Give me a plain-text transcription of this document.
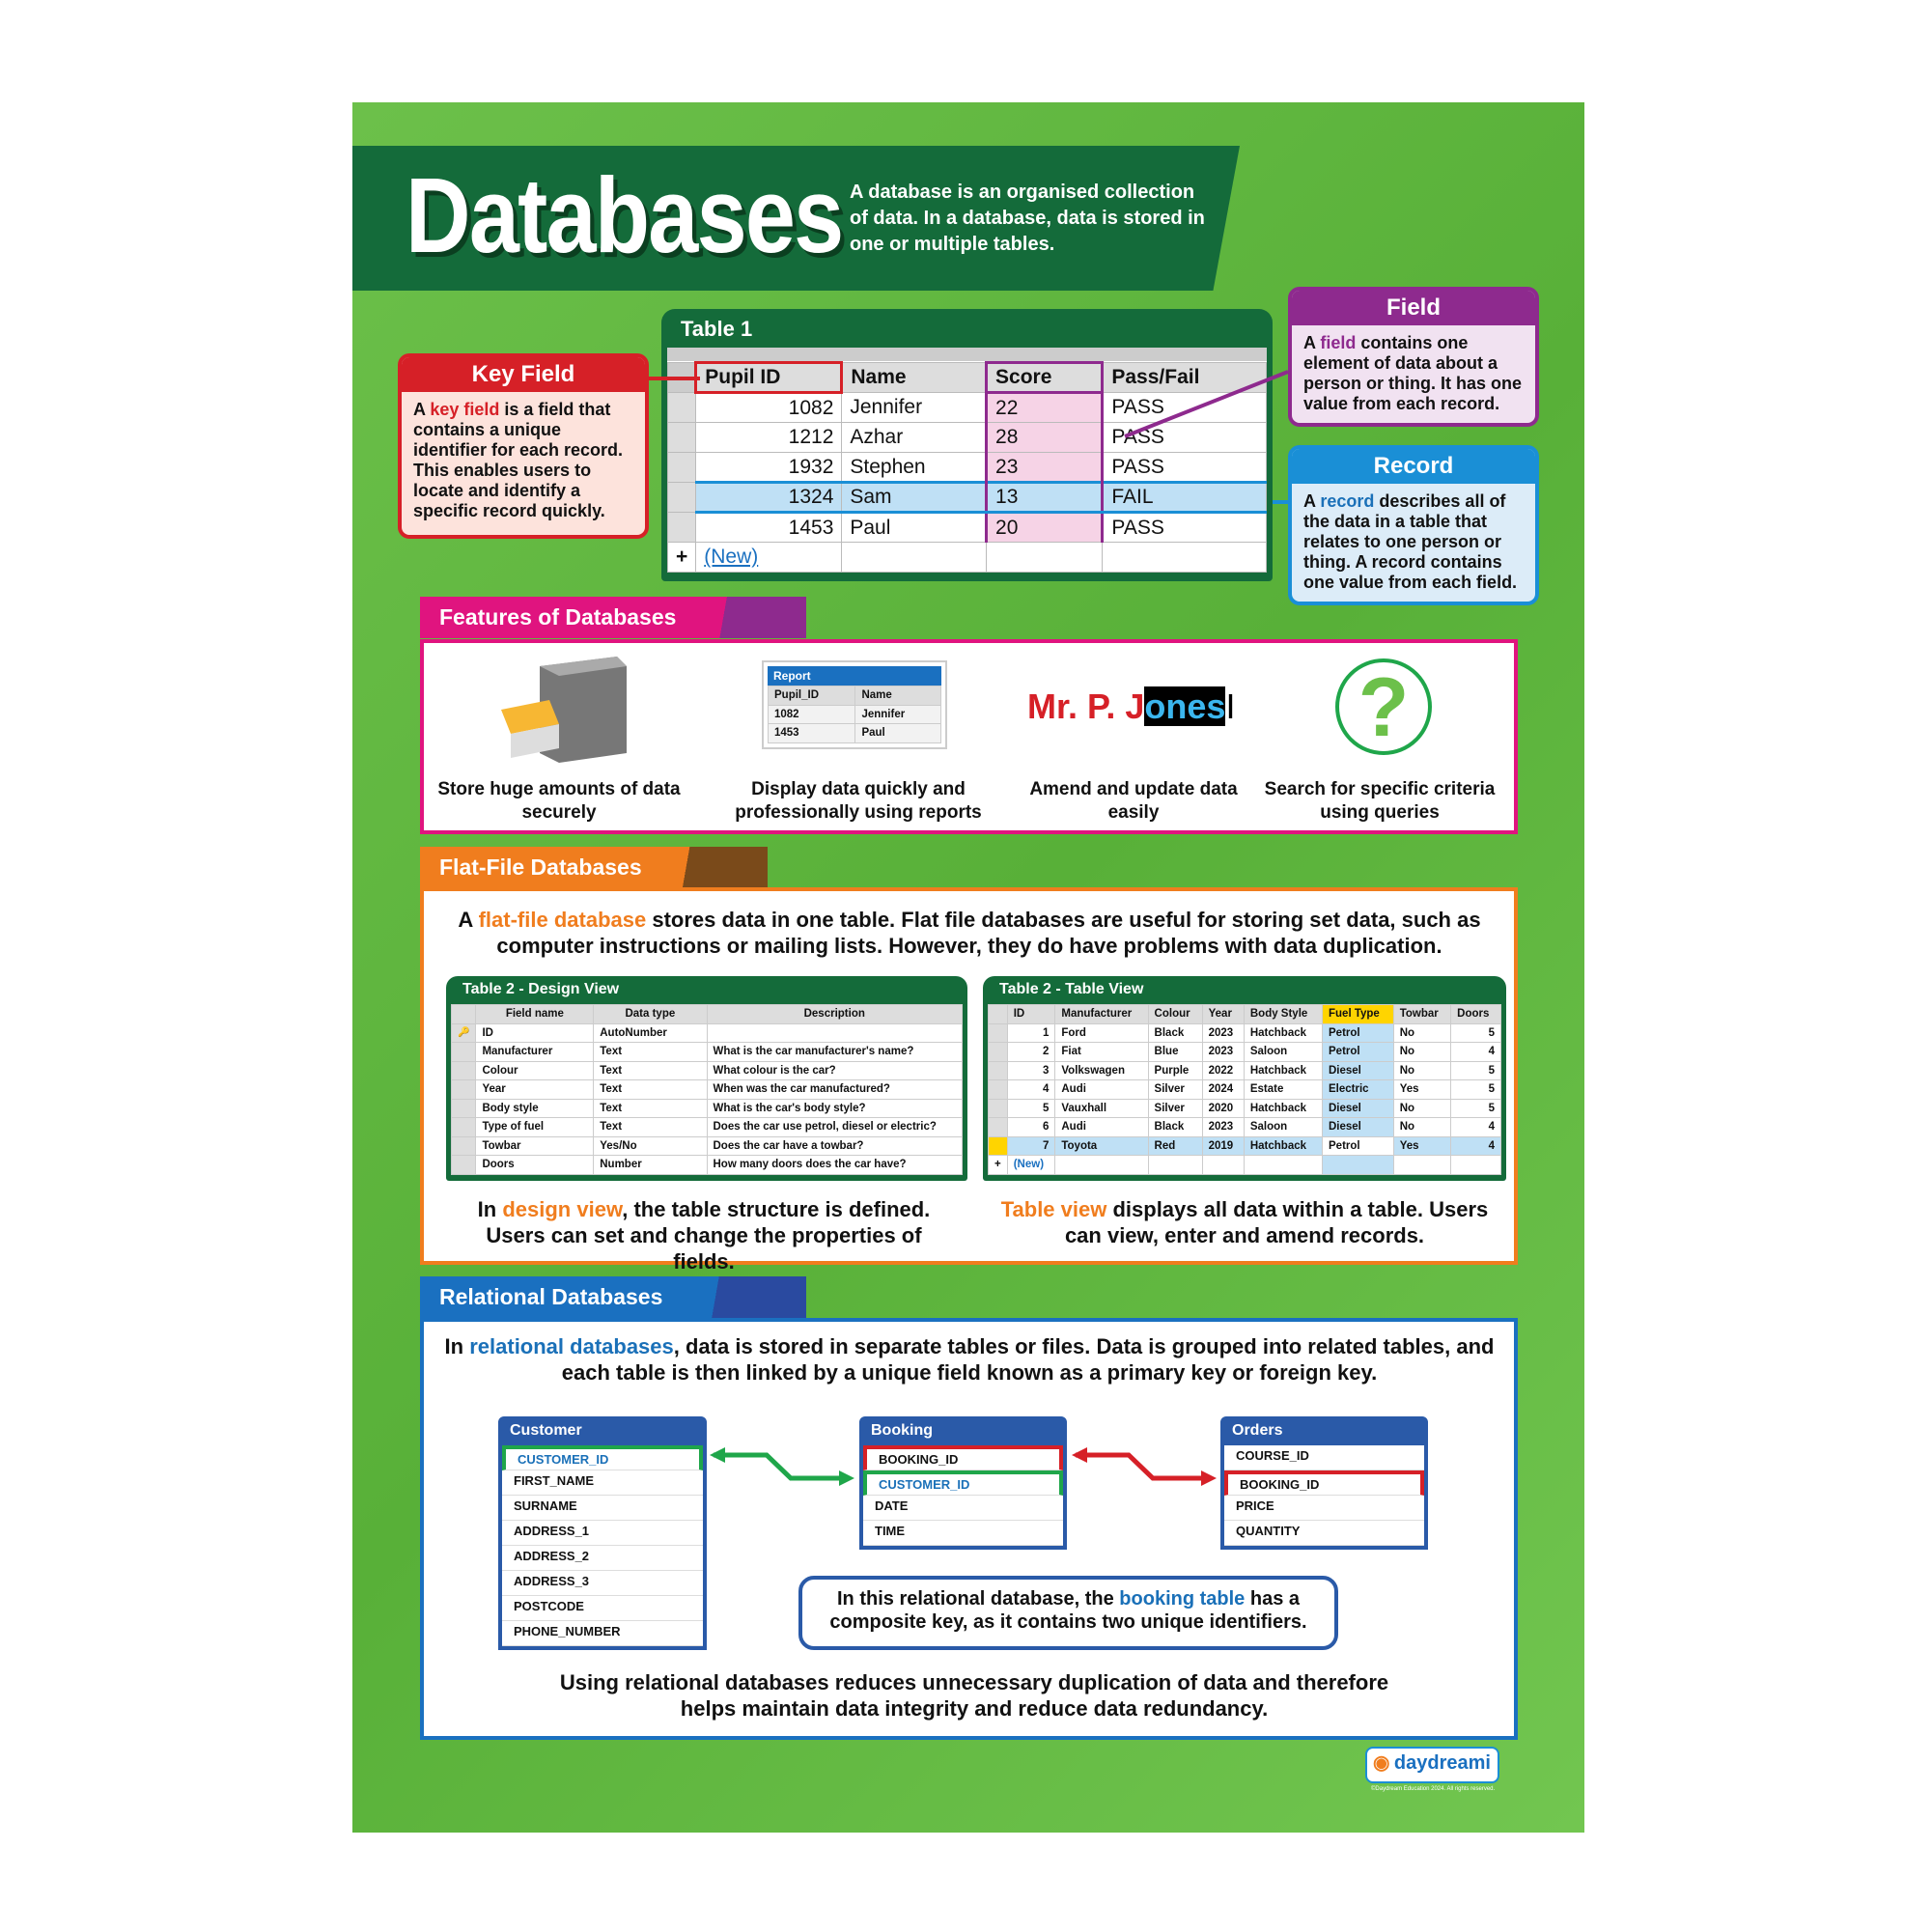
Databases A database is an organised collection of data. In a database, data is stored in one or multiple tables.
Table 1
	Pupil ID	Name	Score	Pass/Fail
	1082	Jennifer	22	PASS
	1212	Azhar	28	PASS
	1932	Stephen	23	PASS
	1324	Sam	13	FAIL
	1453	Paul	20	PASS
+	(New)			
Key Field
A key field is a field that contains a unique identifier for each record. This enables users to locate and identify a specific record quickly.
Field
A field contains one element of data about a person or thing. It has one value from each record.
Record
A record describes all of the data in a table that relates to one person or thing. A record contains one value from each field.
Features of Databases
Report
Pupil_ID	Name
1082	Jennifer
1453	Paul
Mr. P. JonesI ?
Store huge amounts of data securely
Display data quickly and professionally using reports
Amend and update data easily
Search for specific criteria using queries
Flat-File Databases
A flat-file database stores data in one table. Flat file databases are useful for storing set data, such as computer instructions or mailing lists. However, they do have problems with data duplication.
Table 2 - Design View
	Field name	Data type	Description
🔑	ID	AutoNumber	
	Manufacturer	Text	What is the car manufacturer's name?
	Colour	Text	What colour is the car?
	Year	Text	When was the car manufactured?
	Body style	Text	What is the car's body style?
	Type of fuel	Text	Does the car use petrol, diesel or electric?
	Towbar	Yes/No	Does the car have a towbar?
	Doors	Number	How many doors does the car have?
Table 2 - Table View
	ID	Manufacturer	Colour	Year	Body Style	Fuel Type	Towbar	Doors
	1	Ford	Black	2023	Hatchback	Petrol	No	5
	2	Fiat	Blue	2023	Saloon	Petrol	No	4
	3	Volkswagen	Purple	2022	Hatchback	Diesel	No	5
	4	Audi	Silver	2024	Estate	Electric	Yes	5
	5	Vauxhall	Silver	2020	Hatchback	Diesel	No	5
	6	Audi	Black	2023	Saloon	Diesel	No	4
	7	Toyota	Red	2019	Hatchback	Petrol	Yes	4
+	(New)							
In design view, the table structure is defined. Users can set and change the properties of fields.
Table view displays all data within a table. Users can view, enter and amend records.
Relational Databases
In relational databases, data is stored in separate tables or files. Data is grouped into related tables, and each table is then linked by a unique field known as a primary key or foreign key.
Customer
CUSTOMER_ID
FIRST_NAME
SURNAME
ADDRESS_1
ADDRESS_2
ADDRESS_3
POSTCODE
PHONE_NUMBER
Booking
BOOKING_ID
CUSTOMER_ID
DATE
TIME
Orders
COURSE_ID
BOOKING_ID
PRICE
QUANTITY
In this relational database, the booking table has a composite key, as it contains two unique identifiers.
Using relational databases reduces unnecessary duplication of data and therefore helps maintain data integrity and reduce data redundancy.
◉ daydreami
©Daydream Education 2024. All rights reserved.
